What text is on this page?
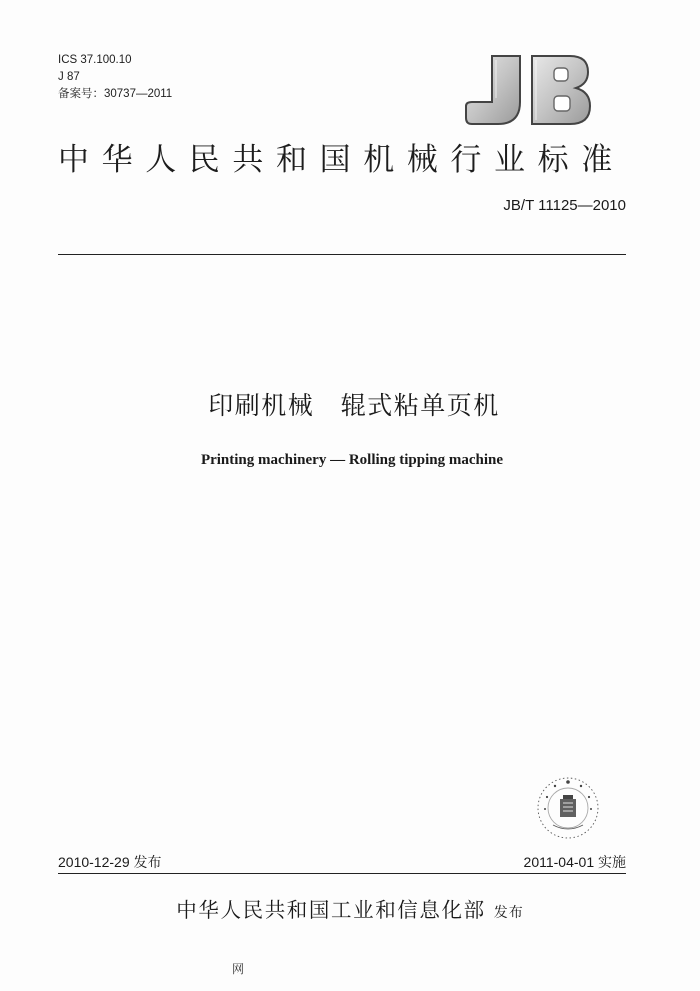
ICS 37.100.10
J 87
备案号：30737—2011
中华人民共和国机械行业标准
JB/T 11125—2010
印刷机械　辊式粘单页机
Printing machinery — Rolling tipping machine
2010-12-29 发布	2011-04-01 实施
中华人民共和国工业和信息化部 发布
网
